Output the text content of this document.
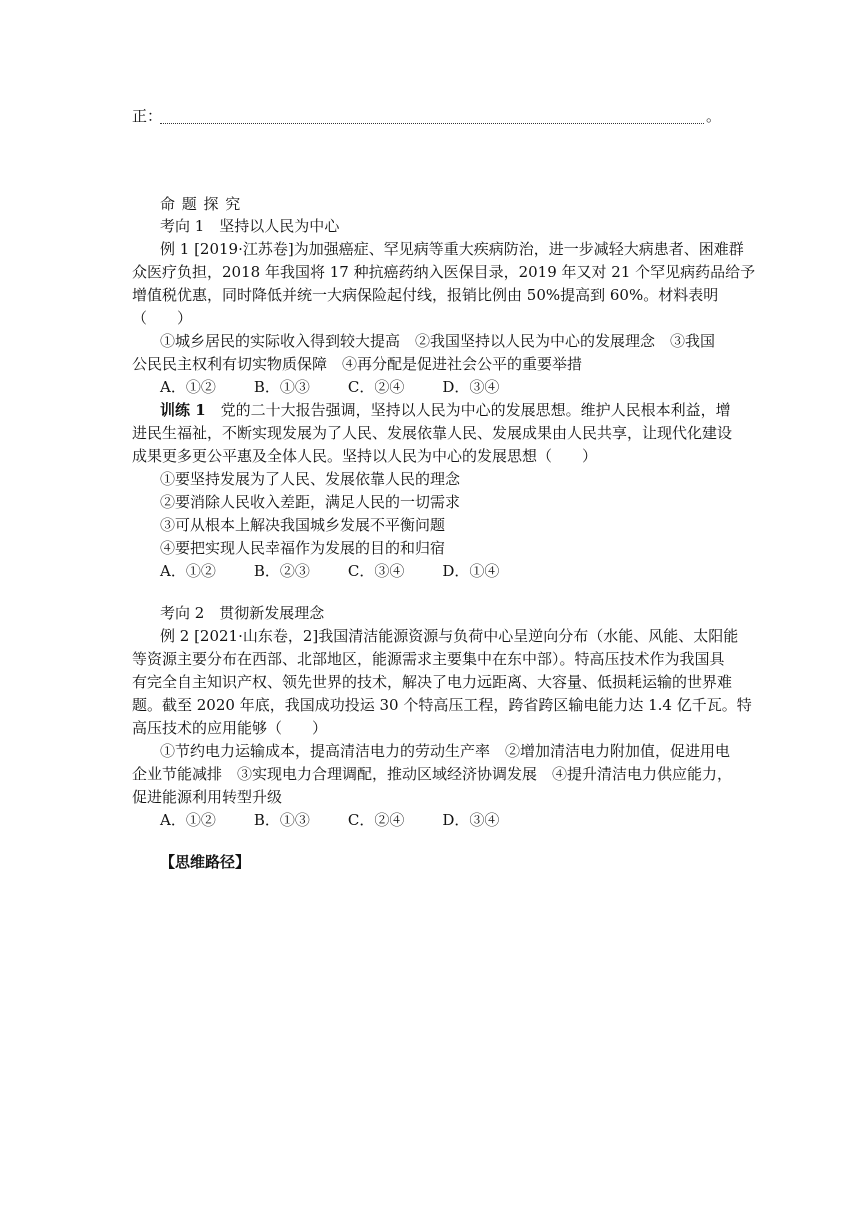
正：	。
命 题 探 究
考向 1　坚持以人民为中心
例 1 [2019·江苏卷]为加强癌症、罕见病等重大疾病防治，进一步减轻大病患者、困难群
众医疗负担，2018 年我国将 17 种抗癌药纳入医保目录，2019 年又对 21 个罕见病药品给予
增值税优惠，同时降低并统一大病保险起付线，报销比例由 50%提高到 60%。材料表明
（　　）
①城乡居民的实际收入得到较大提高　②我国坚持以人民为中心的发展理念　③我国
公民民主权利有切实物质保障　④再分配是促进社会公平的重要举措
A．①②	B．①③	C．②④	D．③④
训练 1　党的二十大报告强调，坚持以人民为中心的发展思想。维护人民根本利益，增
进民生福祉，不断实现发展为了人民、发展依靠人民、发展成果由人民共享，让现代化建设
成果更多更公平惠及全体人民。坚持以人民为中心的发展思想（　　）
①要坚持发展为了人民、发展依靠人民的理念
②要消除人民收入差距，满足人民的一切需求
③可从根本上解决我国城乡发展不平衡问题
④要把实现人民幸福作为发展的目的和归宿
A．①②	B．②③	C．③④	D．①④
考向 2　贯彻新发展理念
例 2 [2021·山东卷，2]我国清洁能源资源与负荷中心呈逆向分布（水能、风能、太阳能
等资源主要分布在西部、北部地区，能源需求主要集中在东中部）。特高压技术作为我国具
有完全自主知识产权、领先世界的技术，解决了电力远距离、大容量、低损耗运输的世界难
题。截至 2020 年底，我国成功投运 30 个特高压工程，跨省跨区输电能力达 1.4 亿千瓦。特
高压技术的应用能够（　　）
①节约电力运输成本，提高清洁电力的劳动生产率　②增加清洁电力附加值，促进用电
企业节能减排　③实现电力合理调配，推动区域经济协调发展　④提升清洁电力供应能力，
促进能源利用转型升级
A．①②	B．①③	C．②④	D．③④
【思维路径】
